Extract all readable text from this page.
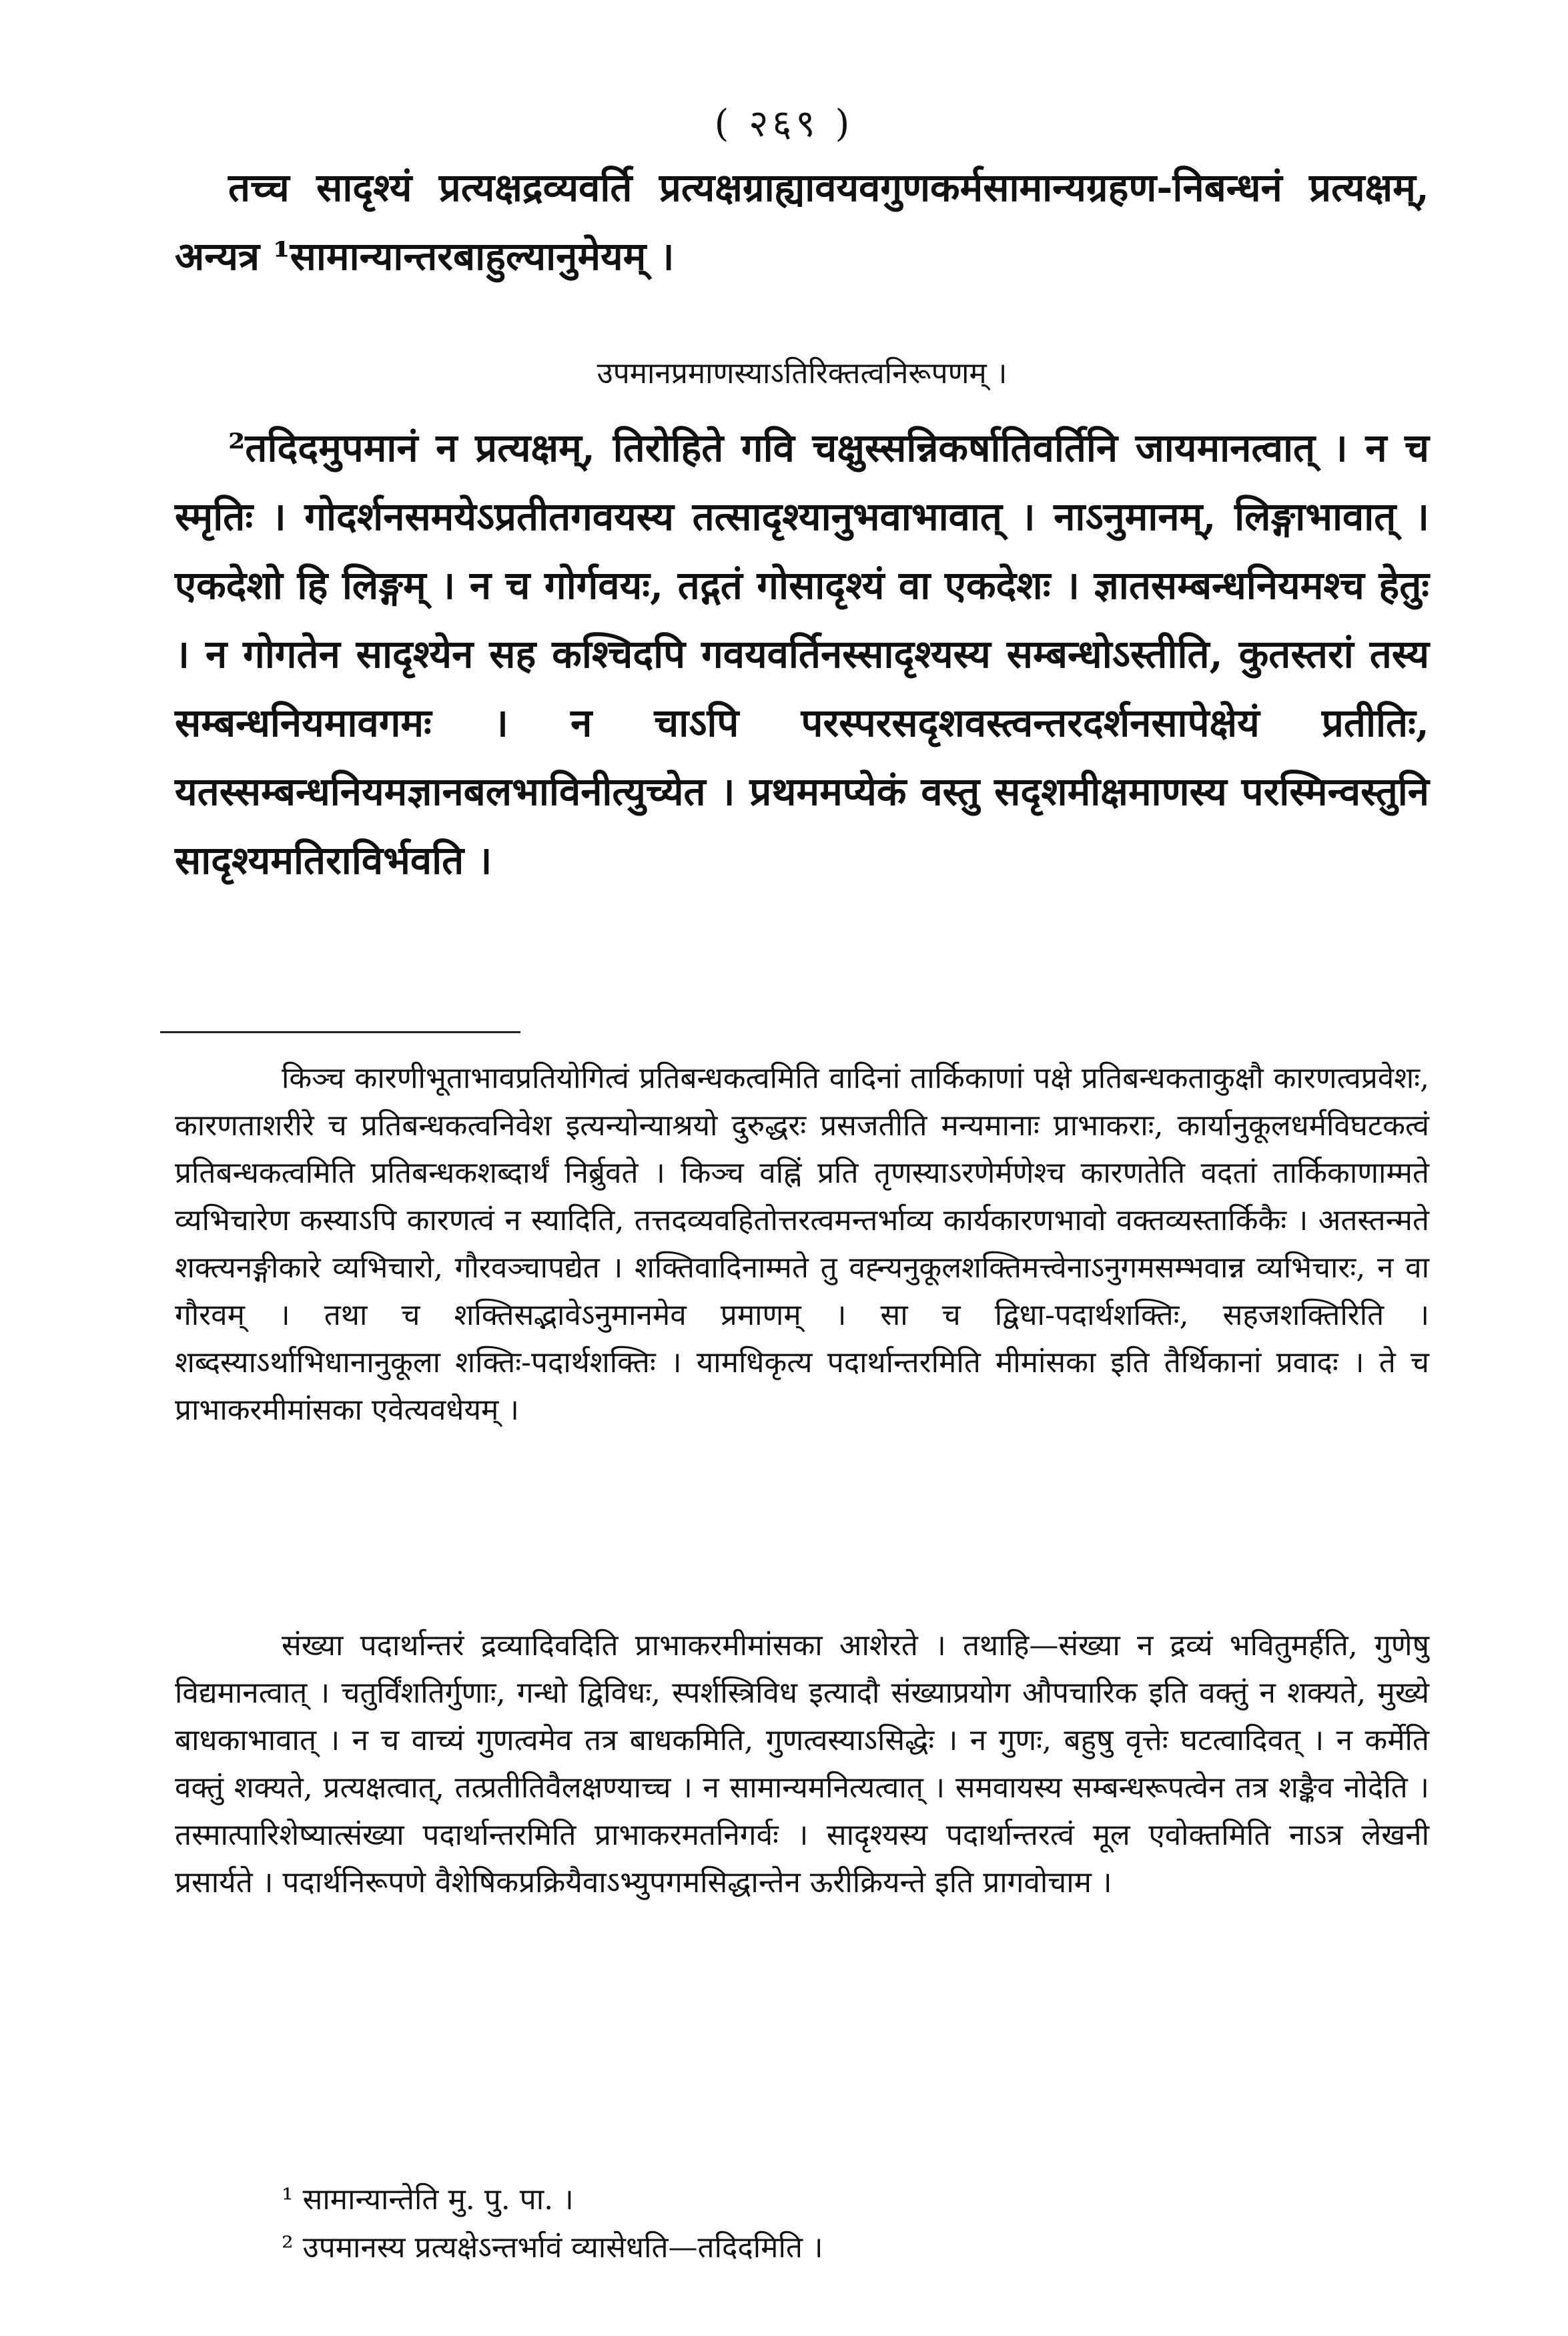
( २६९ )

तच्च सादृश्यं प्रत्यक्षद्रव्यवर्ति प्रत्यक्षग्राह्यावयवगुणकर्मसामान्यग्रहण-निबन्धनं प्रत्यक्षम्, अन्यत्र ¹सामान्यान्तरबाहुल्यानुमेयम् ।

उपमानप्रमाणस्याऽतिरिक्तत्वनिरूपणम् ।

²तदिदमुपमानं न प्रत्यक्षम्, तिरोहिते गवि चक्षुस्सन्निकर्षातिवर्तिनि जायमानत्वात् । न च स्मृतिः । गोदर्शनसमयेऽप्रतीतगवयस्य तत्सादृश्यानुभवाभावात् । नाऽनुमानम्, लिङ्गाभावात् । एकदेशो हि लिङ्गम् । न च गोर्गवयः, तद्गतं गोसादृश्यं वा एकदेशः । ज्ञातसम्बन्धनियमश्च हेतुः । न गोगतेन सादृश्येन सह कश्चिदपि गवयवर्तिनस्सादृश्यस्य सम्बन्धोऽस्तीति, कुतस्तरां तस्य सम्बन्धनियमावगमः । न चाऽपि परस्परसदृशवस्त्वन्तरदर्शनसापेक्षेयं प्रतीतिः, यतस्सम्बन्धनियमज्ञानबलभाविनीत्युच्येत । प्रथममप्येकं वस्तु सदृशमीक्षमाणस्य परस्मिन्वस्तुनि सादृश्यमतिराविर्भवति ।

किञ्च कारणीभूताभावप्रतियोगित्वं प्रतिबन्धकत्वमिति वादिनां तार्किकाणां पक्षे प्रतिबन्धकताकुक्षौ कारणत्वप्रवेशः, कारणताशरीरे च प्रतिबन्धकत्वनिवेश इत्यन्योन्याश्रयो दुरुद्धरः प्रसजतीति मन्यमानाः प्राभाकराः, कार्यानुकूलधर्मविघटकत्वं प्रतिबन्धकत्वमिति प्रतिबन्धकशब्दार्थं निर्ब्रुवते । किञ्च वह्निं प्रति तृणस्याऽरणेर्मणेश्च कारणतेति वदतां तार्किकाणाम्मते व्यभिचारेण कस्याऽपि कारणत्वं न स्यादिति, तत्तदव्यवहितोत्तरत्वमन्तर्भाव्य कार्यकारणभावो वक्तव्यस्तार्किकैः । अतस्तन्मते शक्त्यनङ्गीकारे व्यभिचारो, गौरवञ्चापद्येत । शक्तिवादिनाम्मते तु वह्न्यनुकूलशक्तिमत्त्वेनाऽनुगमसम्भवान्न व्यभिचारः, न वा गौरवम् । तथा च शक्तिसद्भावेऽनुमानमेव प्रमाणम् । सा च द्विधा-पदार्थशक्तिः, सहजशक्तिरिति । शब्दस्याऽर्थाभिधानानुकूला शक्तिः-पदार्थशक्तिः । यामधिकृत्य पदार्थान्तरमिति मीमांसका इति तैर्थिकानां प्रवादः । ते च प्राभाकरमीमांसका एवेत्यवधेयम् ।

संख्या पदार्थान्तरं द्रव्यादिवदिति प्राभाकरमीमांसका आशेरते । तथाहि—संख्या न द्रव्यं भवितुमर्हति, गुणेषु विद्यमानत्वात् । चतुर्विंशतिर्गुणाः, गन्धो द्विविधः, स्पर्शस्त्रिविध इत्यादौ संख्याप्रयोग औपचारिक इति वक्तुं न शक्यते, मुख्ये बाधकाभावात् । न च वाच्यं गुणत्वमेव तत्र बाधकमिति, गुणत्वस्याऽसिद्धेः । न गुणः, बहुषु वृत्तेः घटत्वादिवत् । न कर्मेति वक्तुं शक्यते, प्रत्यक्षत्वात्, तत्प्रतीतिवैलक्षण्याच्च । न सामान्यमनित्यत्वात् । समवायस्य सम्बन्धरूपत्वेन तत्र शङ्कैव नोदेति । तस्मात्पारिशेष्यात्संख्या पदार्थान्तरमिति प्राभाकरमतनिगर्वः । सादृश्यस्य पदार्थान्तरत्वं मूल एवोक्तमिति नाऽत्र लेखनी प्रसार्यते । पदार्थनिरूपणे वैशेषिकप्रक्रियैवाऽभ्युपगमसिद्धान्तेन ऊरीक्रियन्ते इति प्रागवोचाम ।

¹ सामान्यान्तेति मु. पु. पा. ।
² उपमानस्य प्रत्यक्षेऽन्तर्भावं व्यासेधति—तदिदमिति ।
